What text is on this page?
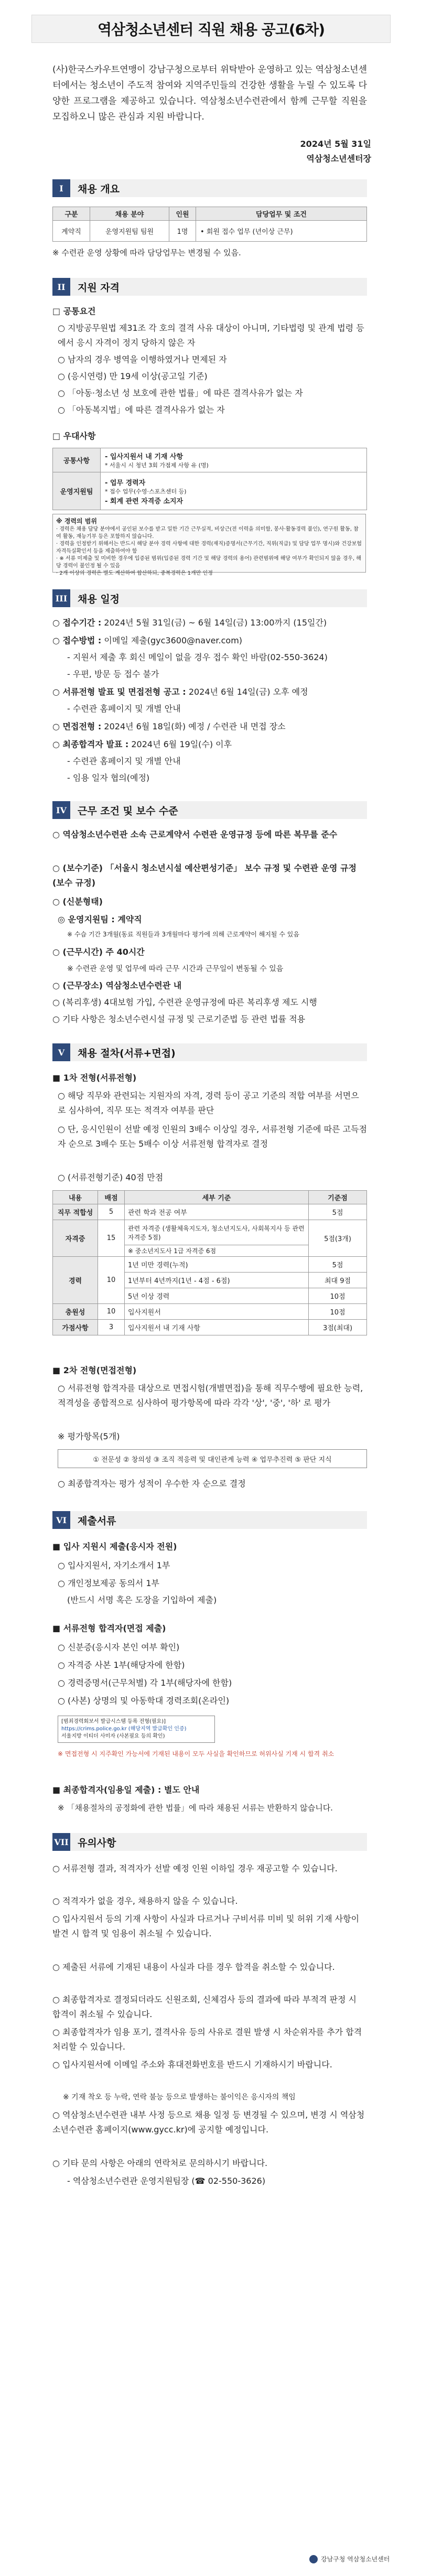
역삼청소년센터 직원 채용 공고(6차)
(사)한국스카우트연맹이 강남구청으로부터 위탁받아 운영하고 있는 역삼청소년센터에서는 청소년이 주도적 참여와 지역주민들의 건강한 생활을 누릴 수 있도록 다양한 프로그램을 제공하고 있습니다. 역삼청소년수련관에서 함께 근무할 직원을 모집하오니 많은 관심과 지원 바랍니다.
2024년 5월 31일
역삼청소년센터장
I	채용 개요
구분	채용 분야	인원	담당업무 및 조건
계약직	운영지원팀 팀원	1명	• 회원 접수 업무 (년이상 근무)
※ 수련관 운영 상황에 따라 담당업무는 변경될 수 있음.
II	지원 자격
□ 공통요건
○ 지방공무원법 제31조 각 호의 결격 사유 대상이 아니며, 기타법령 및 관계 법령 등에서 응시 자격이 정지 당하지 않은 자
○ 남자의 경우 병역을 이행하였거나 면제된 자
○ (응시연령) 만 19세 이상(공고일 기준)
○ 「아동·청소년 성 보호에 관한 법률」에 따른 결격사유가 없는 자
○ 「아동복지법」에 따른 결격사유가 없는 자
□ 우대사항
공통사항	- 입사지원서 내 기재 사항
* 서울시 시 청년 3회 가점제 사항 유 (명)

운영지원팀	- 업무 경력자
* 접수 업무(수영·스포츠센터 등)
- 회계 관련 자격증 소지자
※ 경력의 범위
· 경력은 채용 담당 분야에서 공인된 보수를 받고 일한 기간 근무실적, 비상근(전 이력을 의미함, 봉사·활동경력 불인), 연구원 활동, 참여 활동, 재능기부 등은 포함하지 않습니다.
· 경력을 인정받기 위해서는 반드시 해당 분야 경력 사항에 대한 경력(재직)증명서(근무기간, 직위(직급) 및 담당 업무 명시)와 건강보험자격득실확인서 등을 제출하여야 함
· ※ 서류 미제출 및 미비한 경우에 입증된 범위(입증된 경력 기간 및 해당 경력의 용어) 관련범위에 해당 여부가 확인되지 않을 경우, 해당 경력이 불인정 될 수 있음
· 2개 이상의 경력은 별도 계산하여 합산하되, 중복경력은 1개만 인정
III	채용 일정
○ 접수기간 : 2024년 5월 31일(금) ~ 6월 14일(금) 13:00까지 (15일간)
○ 접수방법 : 이메일 제출(gyc3600@naver.com)
- 지원서 제출 후 회신 메일이 없을 경우 접수 확인 바람(02-550-3624)
- 우편, 방문 등 접수 불가
○ 서류전형 발표 및 면접전형 공고 : 2024년 6월 14일(금) 오후 예정
- 수련관 홈페이지 및 개별 안내
○ 면접전형 : 2024년 6월 18일(화) 예정 / 수련관 내 면접 장소
○ 최종합격자 발표 : 2024년 6월 19일(수) 이후
- 수련관 홈페이지 및 개별 안내
- 임용 일자 협의(예정)
IV	근무 조건 및 보수 수준
○ 역삼청소년수련관 소속 근로계약서 수련관 운영규정 등에 따른 복무를 준수
○ (보수기준) 「서울시 청소년시설 예산편성기준」 보수 규정 및 수련관 운영 규정(보수 규정)
○ (신분형태)
◎ 운영지원팀 : 계약직
※ 수습 기간 3개월(동료 직원들과 3개월마다 평가에 의해 근로계약이 해지될 수 있음
○ (근무시간) 주 40시간
※ 수련관 운영 및 업무에 따라 근무 시간과 근무일이 변동될 수 있음
○ (근무장소) 역삼청소년수련관 내
○ (복리후생) 4대보험 가입, 수련관 운영규정에 따른 복리후생 제도 시행
○ 기타 사항은 청소년수련시설 규정 및 근로기준법 등 관련 법률 적용
V	채용 절차(서류+면접)
■ 1차 전형(서류전형)
○ 해당 직무와 관련되는 지원자의 자격, 경력 등이 공고 기준의 적합 여부를 서면으로 심사하여, 직무 또는 적격자 여부를 판단
○ 단, 응시인원이 선발 예정 인원의 3배수 이상일 경우, 서류전형 기준에 따른 고득점자 순으로 3배수 또는 5배수 이상 서류전형 합격자로 결정
○ (서류전형기준) 40점 만점
내용	배점	세부 기준	기준점
직무 적합성	5	관련 학과 전공 여부	5점
자격증	15	관련 자격증 (생활체육지도자, 청소년지도사, 사회복지사 등 관련 자격증 5점)	5점(3개)
		※ 중소년지도사 1급 자격증 6점	
경력	10	1년 미만 경력(누적)	5점
		1년부터 4년까지(1년 - 4점 - 6점)	최대 9점
		5년 이상 경력	10점
충원성	10	입사지원서	10점
가점사항	3	입사지원서 내 기재 사항	3점(최대)
■ 2차 전형(면접전형)
○ 서류전형 합격자를 대상으로 면접시험(개별면접)을 통해 직무수행에 필요한 능력, 적격성을 종합적으로 심사하여 평가항목에 따라 각각 '상', '중', '하' 로 평가
※ 평가항목(5개)
① 전문성 ② 창의성 ③ 조직 적응력 및 대인관계 능력 ④ 업무추진력 ⑤ 판단 지식
○ 최종합격자는 평가 성적이 우수한 자 순으로 결정
VI	제출서류
■ 입사 지원시 제출(응시자 전원)
○ 입사지원서, 자기소개서 1부
○ 개인정보제공 동의서 1부
(반드시 서명 혹은 도장을 기입하여 제출)
■ 서류전형 합격자(면접 제출)
○ 신분증(응시자 본인 여부 확인)
○ 자격증 사본 1부(해당자에 한함)
○ 경력증명서(근무처별) 각 1부(해당자에 한함)
○ (사본) 상명의 및 아동학대 경력조회(온라인)
[범죄경력회보서 발급시스템 등록 전형(필요)]
https://crims.police.go.kr (해당지역 발급확인 인증)
서울지방 이티더 사미자 (사본필요 등의 확인)
※ 면접전형 시 지주확인 가능서에 기재된 내용이 모두 사실을 확인하므로 허위사실 기재 시 합격 취소
■ 최종합격자(임용일 제출) : 별도 안내
※ 「채용절차의 공정화에 관한 법률」에 따라 채용된 서류는 반환하지 않습니다.
VII 유의사항
○ 서류전형 결과, 적격자가 선발 예정 인원 이하일 경우 재공고할 수 있습니다.
○ 적격자가 없을 경우, 채용하지 않을 수 있습니다.
○ 입사지원서 등의 기재 사항이 사실과 다르거나 구비서류 미비 및 허위 기재 사항이 발견 시 합격 및 임용이 취소될 수 있습니다.
○ 제출된 서류에 기재된 내용이 사실과 다를 경우 합격을 취소할 수 있습니다.
○ 최종합격자로 결정되더라도 신원조회, 신체검사 등의 결과에 따라 부적격 판정 시 합격이 취소될 수 있습니다.
○ 최종합격자가 임용 포기, 결격사유 등의 사유로 결원 발생 시 차순위자를 추가 합격 처리할 수 있습니다.
○ 입사지원서에 이메일 주소와 휴대전화번호를 반드시 기재하시기 바랍니다.
※ 기재 착오 등 누락, 연락 불능 등으로 발생하는 불이익은 응시자의 책임
○ 역삼청소년수련관 내부 사정 등으로 채용 일정 등 변경될 수 있으며, 변경 시 역삼청소년수련관 홈페이지(www.gycc.kr)에 공지할 예정입니다.
○ 기타 문의 사항은 아래의 연락처로 문의하시기 바랍니다.
- 역삼청소년수련관 운영지원팀장 (☎ 02-550-3626)
강남구청 역삼청소년센터
